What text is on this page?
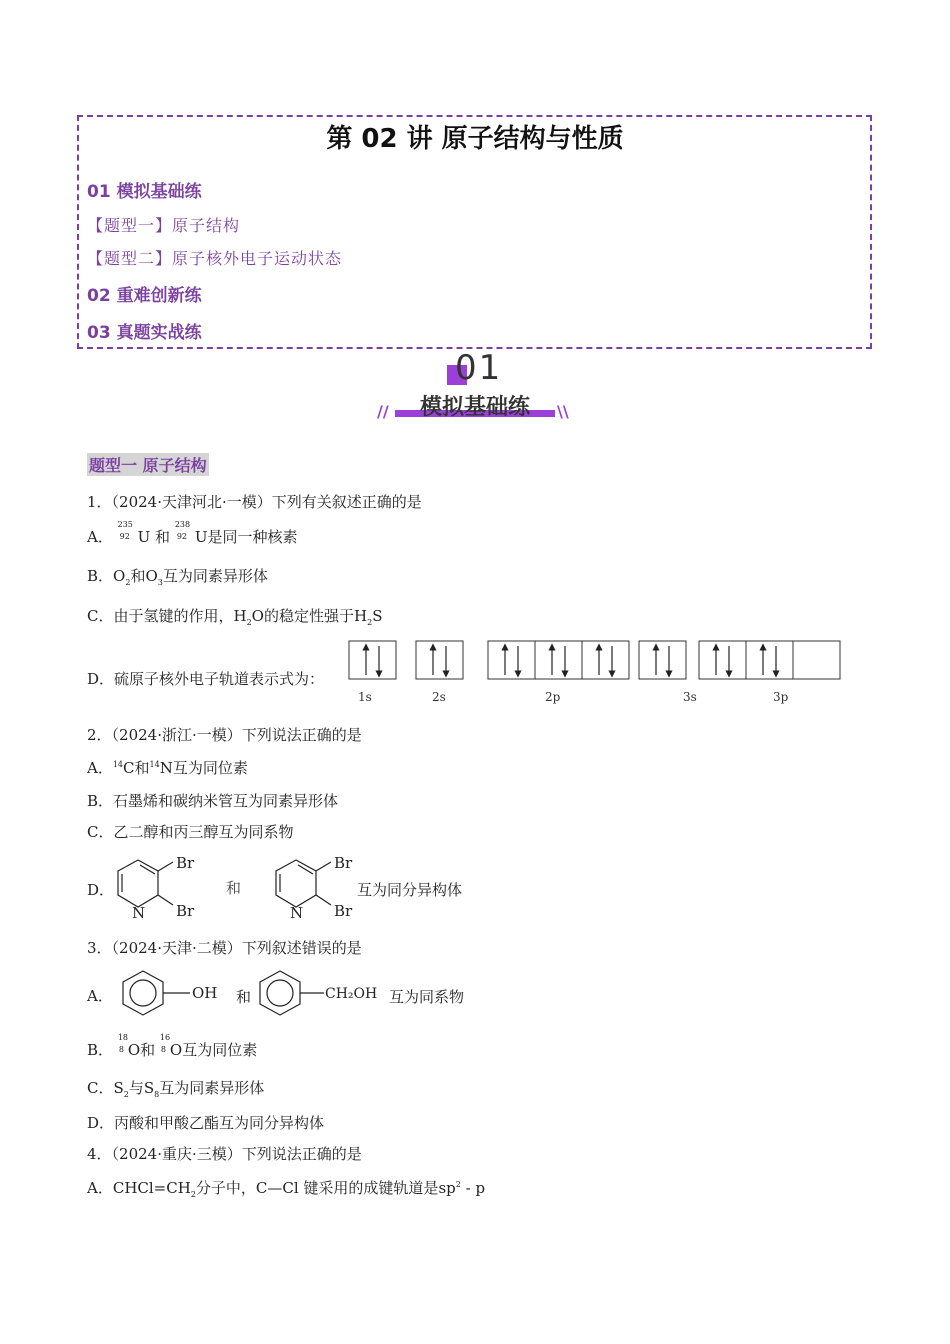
第 02 讲 原子结构与性质
01 模拟基础练
【题型一】原子结构
【题型二】原子核外电子运动状态
02 重难创新练
03 真题实战练
01
模拟基础练
//	\\
题型一 原子结构
1．（2024·天津河北·一模）下列有关叙述正确的是
A．
235
92 U 和
238
92 U是同一种核素
B．$O_2$和$O_3$互为同素异形体
C．由于氢键的作用，$H_2O$的稳定性强于$H_2S$
D．硫原子核外电子轨道表示式为：
1s	2s	2p	3s	3p
2．（2024·浙江·一模）下列说法正确的是
A．$^{14}$C和$^{14}$N互为同位素
B．石墨烯和碳纳米管互为同素异形体
C．乙二醇和丙三醇互为同系物
D．
Br
Br
N
和
Br
Br
N
互为同分异构体
3．（2024·天津·二模）下列叙述错误的是
A．	OH 和	CH₂OH 互为同系物
B．
18
8 O和
16
8 O互为同位素
C．$S_2$与$S_8$互为同素异形体
D．丙酸和甲酸乙酯互为同分异构体
4．（2024·重庆·三模）下列说法正确的是
A．$CHCl=CH_2$分子中，C—Cl 键采用的成键轨道是$sp^2$ - p
